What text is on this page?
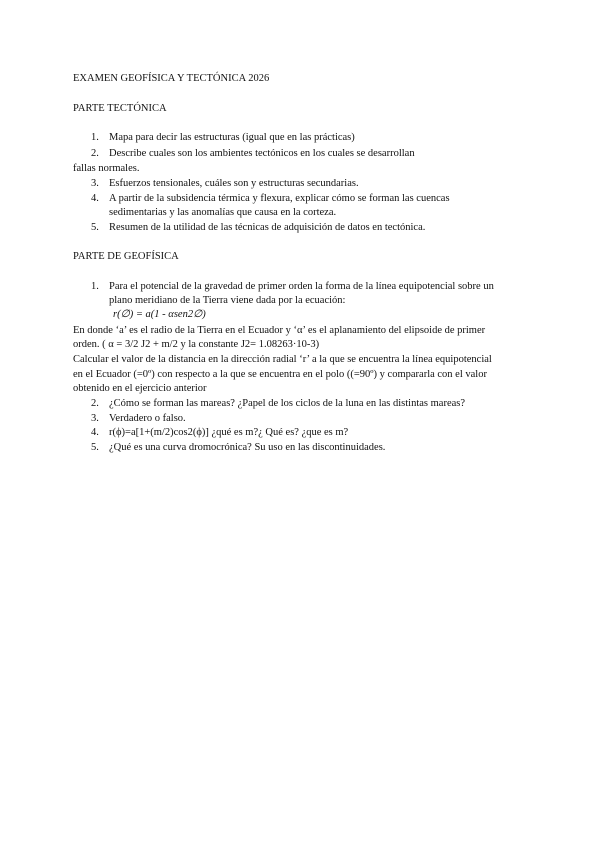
EXAMEN GEOFÍSICA Y TECTÓNICA 2026
PARTE TECTÓNICA
1. Mapa para decir las estructuras (igual que en las prácticas)
2. Describe cuales son los ambientes tectónicos en los cuales se desarrollan
fallas normales.
3. Esfuerzos tensionales, cuáles son y estructuras secundarias.
4. A partir de la subsidencia térmica y flexura, explicar cómo se forman las cuencas
sedimentarias y las anomalías que causa en la corteza.
5. Resumen de la utilidad de las técnicas de adquisición de datos en tectónica.
PARTE DE GEOFÍSICA
1. Para el potencial de la gravedad de primer orden la forma de la línea equipotencial sobre un
plano meridiano de la Tierra viene dada por la ecuación:
r(∅) = a(1 - αsen2∅)
En donde ‘a’ es el radio de la Tierra en el Ecuador y ‘α’ es el aplanamiento del elipsoide de primer
orden. ( α = 3/2 J2 + m/2 y la constante J2= 1.08263·10-3)
Calcular el valor de la distancia en la dirección radial ‘r’ a la que se encuentra la línea equipotencial
en el Ecuador (=0º) con respecto a la que se encuentra en el polo ((=90º) y compararla con el valor
obtenido en el ejercicio anterior
2. ¿Cómo se forman las mareas? ¿Papel de los ciclos de la luna en las distintas mareas?
3. Verdadero o falso.
4. r(ϕ)=a[1+(m/2)cos2(ϕ)] ¿qué es m?¿ Qué es? ¿que es m?
5. ¿Qué es una curva dromocrónica? Su uso en las discontinuidades.
